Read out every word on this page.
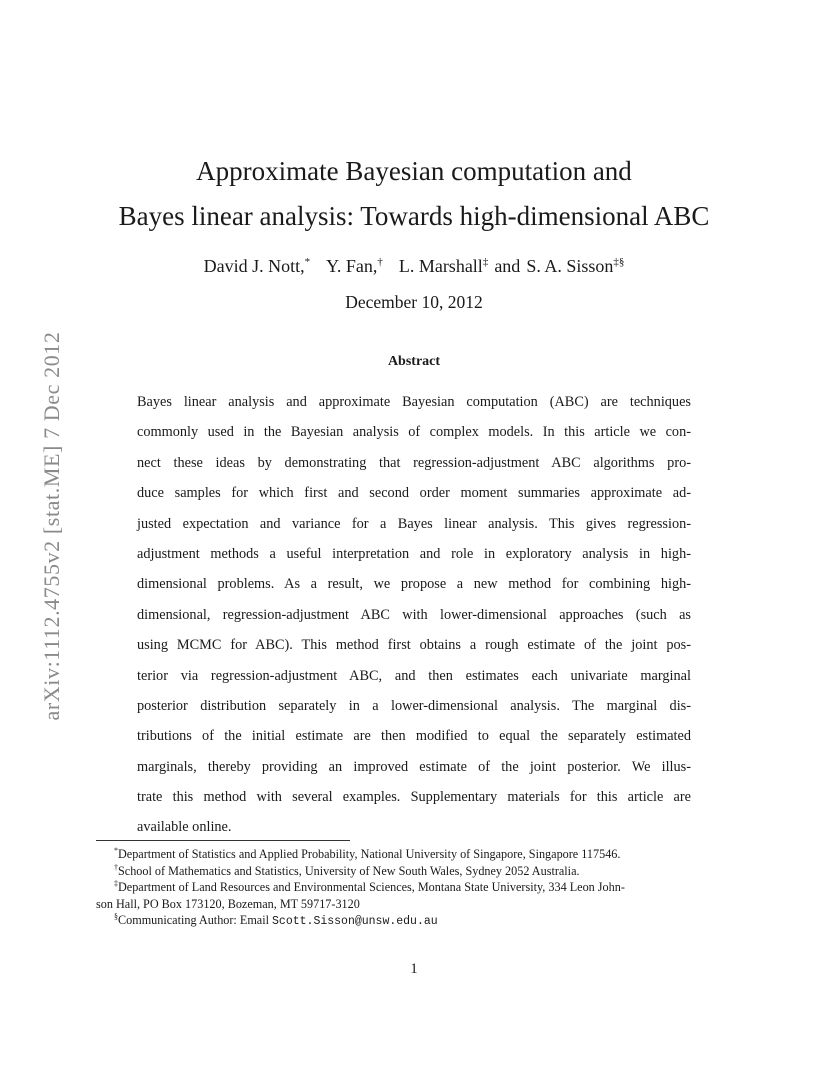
arXiv:1112.4755v2 [stat.ME] 7 Dec 2012
Approximate Bayesian computation and
Bayes linear analysis: Towards high-dimensional ABC
David J. Nott,* Y. Fan,† L. Marshall‡ and S. A. Sisson‡§
December 10, 2012
Abstract
Bayes linear analysis and approximate Bayesian computation (ABC) are techniques
commonly used in the Bayesian analysis of complex models. In this article we con-
nect these ideas by demonstrating that regression-adjustment ABC algorithms pro-
duce samples for which first and second order moment summaries approximate ad-
justed expectation and variance for a Bayes linear analysis. This gives regression-
adjustment methods a useful interpretation and role in exploratory analysis in high-
dimensional problems. As a result, we propose a new method for combining high-
dimensional, regression-adjustment ABC with lower-dimensional approaches (such as
using MCMC for ABC). This method first obtains a rough estimate of the joint pos-
terior via regression-adjustment ABC, and then estimates each univariate marginal
posterior distribution separately in a lower-dimensional analysis. The marginal dis-
tributions of the initial estimate are then modified to equal the separately estimated
marginals, thereby providing an improved estimate of the joint posterior. We illus-
trate this method with several examples. Supplementary materials for this article are
available online.
*Department of Statistics and Applied Probability, National University of Singapore, Singapore 117546.
†School of Mathematics and Statistics, University of New South Wales, Sydney 2052 Australia.
‡Department of Land Resources and Environmental Sciences, Montana State University, 334 Leon John-
son Hall, PO Box 173120, Bozeman, MT 59717-3120
§Communicating Author: Email Scott.Sisson@unsw.edu.au
1
